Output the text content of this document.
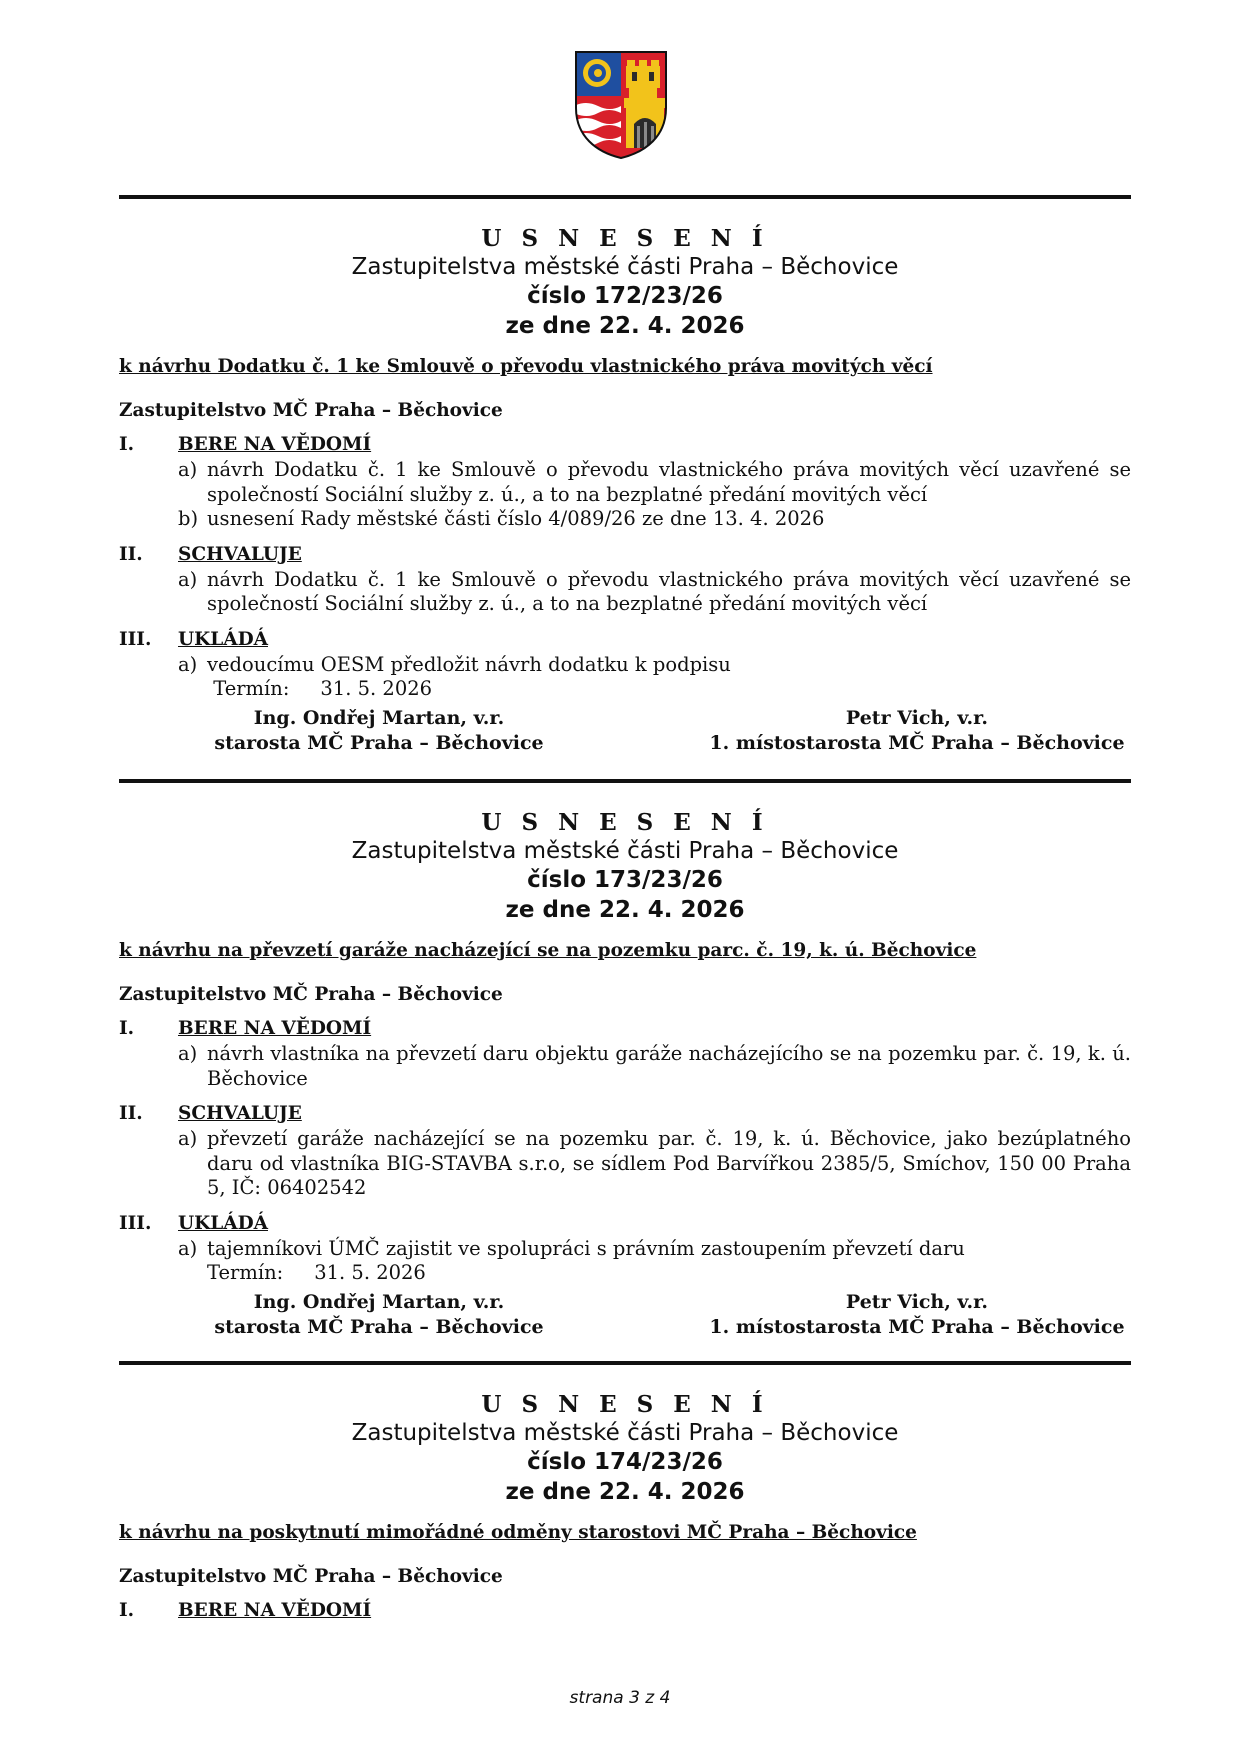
U S N E S E N Í
Zastupitelstva městské části Praha – Běchovice
číslo 172/23/26
ze dne 22. 4. 2026
k návrhu Dodatku č. 1 ke Smlouvě o převodu vlastnického práva movitých věcí
Zastupitelstvo MČ Praha – Běchovice
I.	BERE NA VĚDOMÍ
a) návrh Dodatku č. 1 ke Smlouvě o převodu vlastnického práva movitých věcí uzavřené se společností Sociální služby z. ú., a to na bezplatné předání movitých věcí
b) usnesení Rady městské části číslo 4/089/26 ze dne 13. 4. 2026
II.	SCHVALUJE
a) návrh Dodatku č. 1 ke Smlouvě o převodu vlastnického práva movitých věcí uzavřené se společností Sociální služby z. ú., a to na bezplatné předání movitých věcí
III.	UKLÁDÁ
a) vedoucímu OESM předložit návrh dodatku k podpisu
Termín:     31. 5. 2026
Ing. Ondřej Martan, v.r.
starosta MČ Praha – Běchovice
Petr Vich, v.r.
1. místostarosta MČ Praha – Běchovice
U S N E S E N Í
Zastupitelstva městské části Praha – Běchovice
číslo 173/23/26
ze dne 22. 4. 2026
k návrhu na převzetí garáže nacházející se na pozemku parc. č. 19, k. ú. Běchovice
Zastupitelstvo MČ Praha – Běchovice
I.	BERE NA VĚDOMÍ
a) návrh vlastníka na převzetí daru objektu garáže nacházejícího se na pozemku par. č. 19, k. ú. Běchovice
II.	SCHVALUJE
a) převzetí garáže nacházející se na pozemku par. č. 19, k. ú. Běchovice, jako bezúplatného daru od vlastníka BIG-STAVBA s.r.o, se sídlem Pod Barvířkou 2385/5, Smíchov, 150 00 Praha 5, IČ: 06402542
III.	UKLÁDÁ
a) tajemníkovi ÚMČ zajistit ve spolupráci s právním zastoupením převzetí daru
Termín:     31. 5. 2026
Ing. Ondřej Martan, v.r.
starosta MČ Praha – Běchovice
Petr Vich, v.r.
1. místostarosta MČ Praha – Běchovice
U S N E S E N Í
Zastupitelstva městské části Praha – Běchovice
číslo 174/23/26
ze dne 22. 4. 2026
k návrhu na poskytnutí mimořádné odměny starostovi MČ Praha – Běchovice
Zastupitelstvo MČ Praha – Běchovice
I.	BERE NA VĚDOMÍ
strana 3 z 4
